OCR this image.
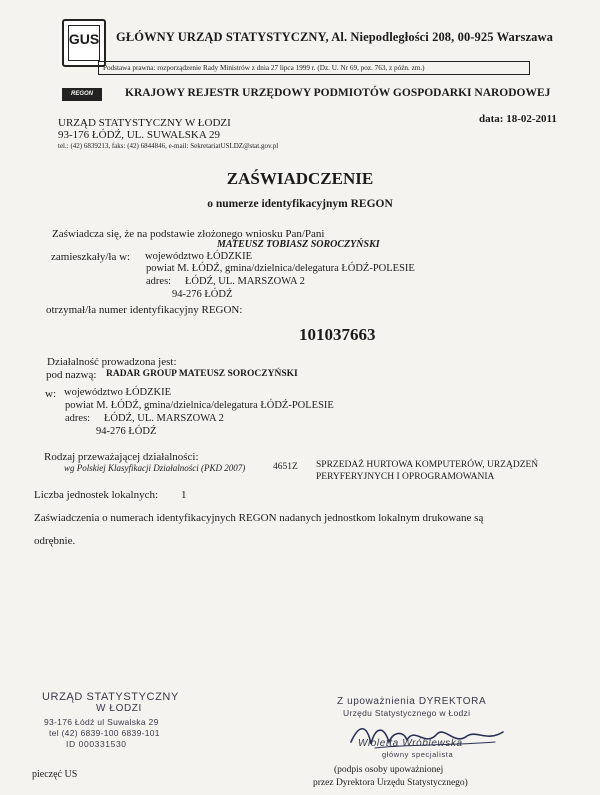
GUS	GŁÓWNY URZĄD STATYSTYCZNY, Al. Niepodległości 208, 00-925 Warszawa
Podstawa prawna: rozporządzenie Rady Ministrów z dnia 27 lipca 1999 r. (Dz. U. Nr 69, poz. 763, z późn. zm.)
REGON	KRAJOWY REJESTR URZĘDOWY PODMIOTÓW GOSPODARKI NARODOWEJ
URZĄD STATYSTYCZNY W ŁODZI
93-176 ŁÓDŹ, UL. SUWALSKA 29
tel.: (42) 6839213, faks: (42) 6844846, e-mail: SekretariatUSLDZ@stat.gov.pl
data: 18-02-2011
ZAŚWIADCZENIE
o numerze identyfikacyjnym REGON
Zaświadcza się, że na podstawie złożonego wniosku Pan/Pani
MATEUSZ TOBIASZ SOROCZYŃSKI
zamieszkały/ła w: województwo ŁÓDZKIE
powiat M. ŁÓDŹ, gmina/dzielnica/delegatura ŁÓDŹ-POLESIE
adres: ŁÓDŹ, UL. MARSZOWA 2
94-276 ŁÓDŹ
otrzymał/ła numer identyfikacyjny REGON:
101037663
Działalność prowadzona jest:
pod nazwą: RADAR GROUP MATEUSZ SOROCZYŃSKI
w: województwo ŁÓDZKIE
powiat M. ŁÓDŹ, gmina/dzielnica/delegatura ŁÓDŹ-POLESIE
adres: ŁÓDŹ, UL. MARSZOWA 2
94-276 ŁÓDŹ
Rodzaj przeważającej działalności:
wg Polskiej Klasyfikacji Działalności (PKD 2007)	4651Z SPRZEDAŻ HURTOWA KOMPUTERÓW, URZĄDZEŃ
PERYFERYJNYCH I OPROGRAMOWANIA
Liczba jednostek lokalnych: 1
Zaświadczenia o numerach identyfikacyjnych REGON nadanych jednostkom lokalnym drukowane są
odrębnie.
URZĄD STATYSTYCZNY
W ŁODZI
93-176 Łódź ul Suwalska 29
tel (42) 6839-100 6839-101
ID 000331530
pieczęć US
Z upoważnienia DYREKTORA
Urzędu Statystycznego w Łodzi
Wioletta Wróblewska
główny specjalista
(podpis osoby upoważnionej
przez Dyrektora Urzędu Statystycznego)
